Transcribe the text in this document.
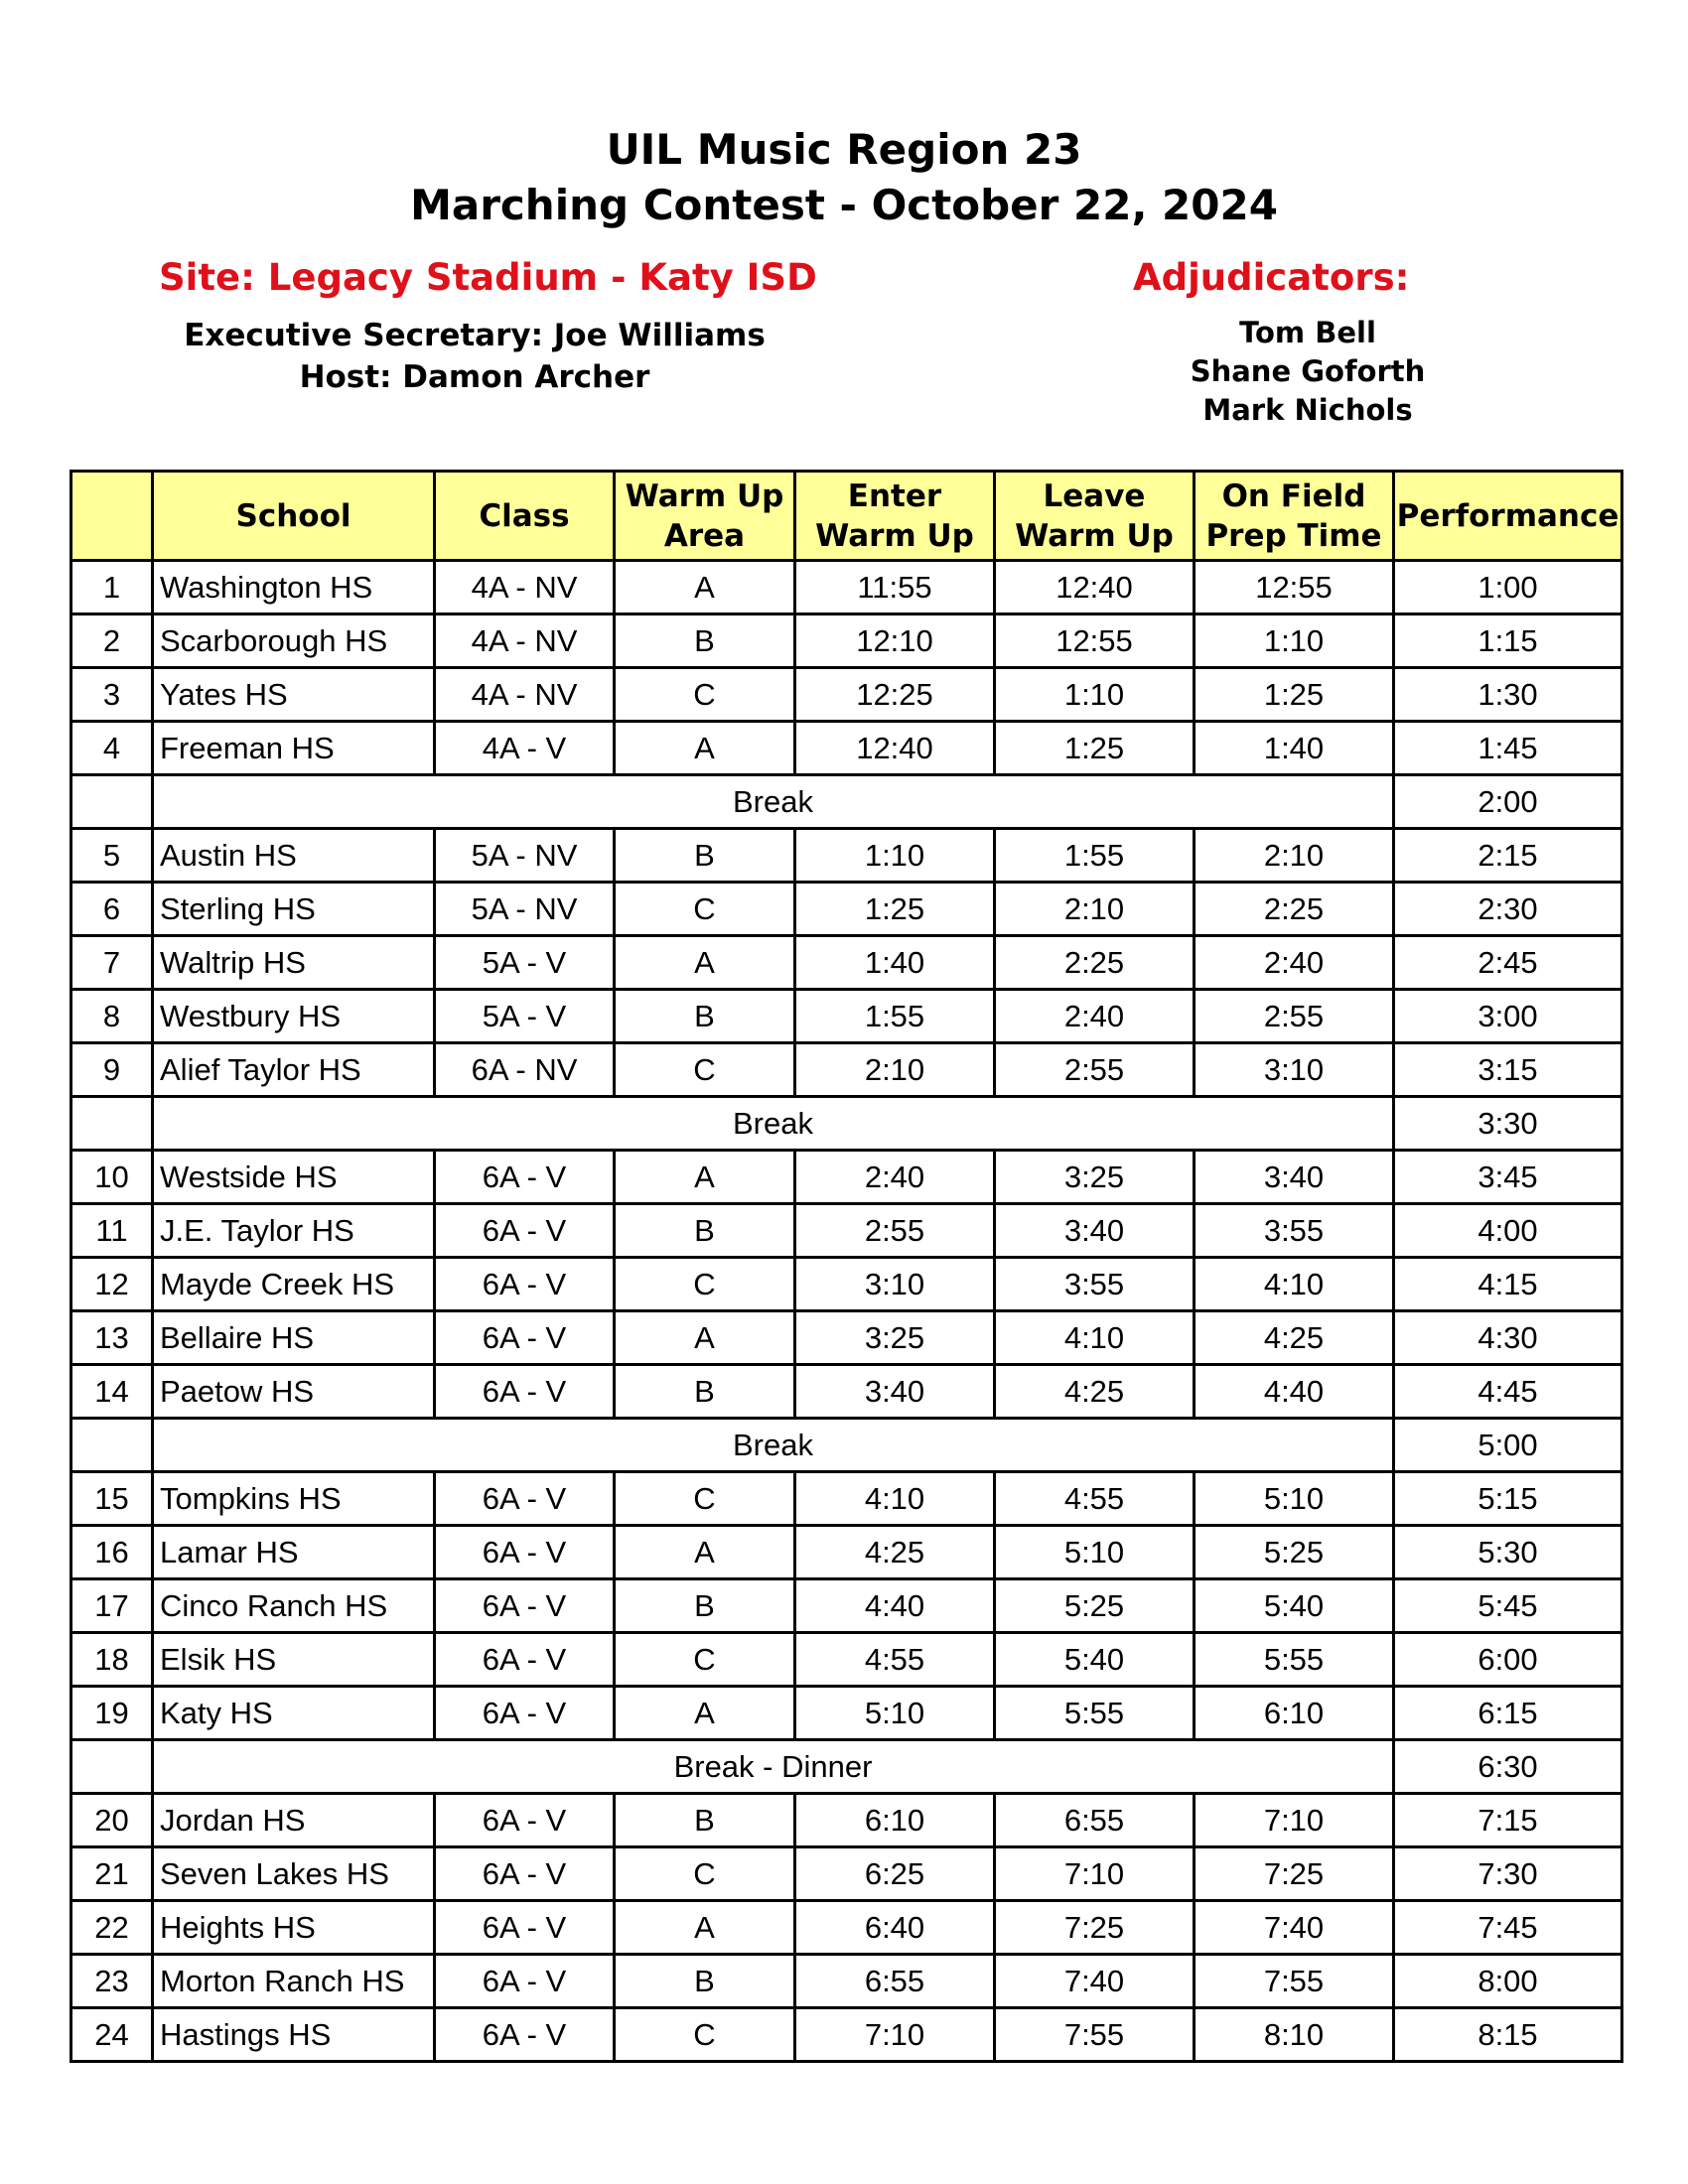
UIL Music Region 23
Marching Contest - October 22, 2024
Site: Legacy Stadium - Katy ISD	Adjudicators:
Executive Secretary: Joe Williams
Host: Damon Archer
Tom Bell
Shane Goforth
Mark Nichols
	School	Class	Warm Up Area	Enter Warm Up	Leave Warm Up	On Field Prep Time	Performance
1	Washington HS	4A - NV	A	11:55	12:40	12:55	1:00
2	Scarborough HS	4A - NV	B	12:10	12:55	1:10	1:15
3	Yates HS	4A - NV	C	12:25	1:10	1:25	1:30
4	Freeman HS	4A - V	A	12:40	1:25	1:40	1:45
	Break						2:00
5	Austin HS	5A - NV	B	1:10	1:55	2:10	2:15
6	Sterling HS	5A - NV	C	1:25	2:10	2:25	2:30
7	Waltrip HS	5A - V	A	1:40	2:25	2:40	2:45
8	Westbury HS	5A - V	B	1:55	2:40	2:55	3:00
9	Alief Taylor HS	6A - NV	C	2:10	2:55	3:10	3:15
	Break						3:30
10	Westside HS	6A - V	A	2:40	3:25	3:40	3:45
11	J.E. Taylor HS	6A - V	B	2:55	3:40	3:55	4:00
12	Mayde Creek HS	6A - V	C	3:10	3:55	4:10	4:15
13	Bellaire HS	6A - V	A	3:25	4:10	4:25	4:30
14	Paetow HS	6A - V	B	3:40	4:25	4:40	4:45
	Break						5:00
15	Tompkins HS	6A - V	C	4:10	4:55	5:10	5:15
16	Lamar HS	6A - V	A	4:25	5:10	5:25	5:30
17	Cinco Ranch HS	6A - V	B	4:40	5:25	5:40	5:45
18	Elsik HS	6A - V	C	4:55	5:40	5:55	6:00
19	Katy HS	6A - V	A	5:10	5:55	6:10	6:15
	Break - Dinner						6:30
20	Jordan HS	6A - V	B	6:10	6:55	7:10	7:15
21	Seven Lakes HS	6A - V	C	6:25	7:10	7:25	7:30
22	Heights HS	6A - V	A	6:40	7:25	7:40	7:45
23	Morton Ranch HS	6A - V	B	6:55	7:40	7:55	8:00
24	Hastings HS	6A - V	C	7:10	7:55	8:10	8:15
